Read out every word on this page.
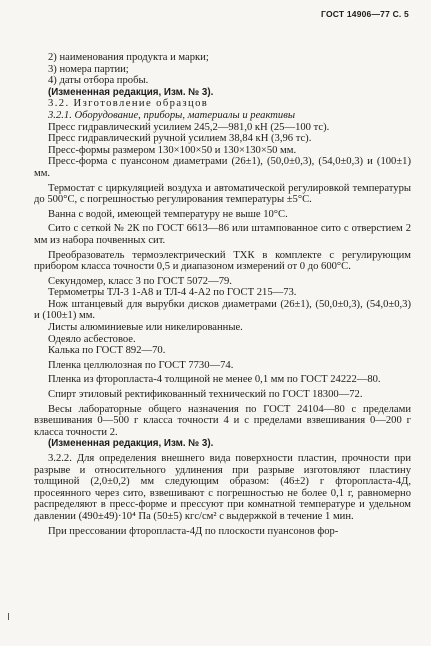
ГОСТ 14906—77 С. 5

2) наименования продукта и марки;

3) номера партии;

4) даты отбора пробы.

(Измененная редакция, Изм. № 3).

3.2. Изготовление образцов

3.2.1. Оборудование, приборы, материалы и реактивы

Пресс гидравлический усилием 245,2—981,0 кН (25—100 тс).

Пресс гидравлический ручной усилием 38,84 кН (3,96 тс).

Пресс-формы размером 130×100×50 и 130×130×50 мм.

Пресс-форма с пуансоном диаметрами (26±1), (50,0±0,3), (54,0±0,3) и (100±1) мм.

Термостат с циркуляцией воздуха и автоматической регулировкой температуры до 500°C, с погрешностью регулирования температуры ±5°C.

Ванна с водой, имеющей температуру не выше 10°C.

Сито с сеткой № 2К по ГОСТ 6613—86 или штампованное сито с отверстием 2 мм из набора почвенных сит.

Преобразователь термоэлектрический ТХК в комплекте с регулирующим прибором класса точности 0,5 и диапазоном измерений от 0 до 600°C.

Секундомер, класс 3 по ГОСТ 5072—79.

Термометры ТЛ-3 1-А8 и ТЛ-4 4-А2 по ГОСТ 215—73.

Нож штанцевый для вырубки дисков диаметрами (26±1), (50,0±0,3), (54,0±0,3) и (100±1) мм.

Листы алюминиевые или никелированные.

Одеяло асбестовое.

Калька по ГОСТ 892—70.

Пленка целлюлозная по ГОСТ 7730—74.

Пленка из фторопласта-4 толщиной не менее 0,1 мм по ГОСТ 24222—80.

Спирт этиловый ректификованный технический по ГОСТ 18300—72.

Весы лабораторные общего назначения по ГОСТ 24104—80 с пределами взвешивания 0—500 г класса точности 4 и с пределами взвешивания 0—200 г класса точности 2.

(Измененная редакция, Изм. № 3).

3.2.2. Для определения внешнего вида поверхности пластин, прочности при разрыве и относительного удлинения при разрыве изготовляют пластину толщиной (2,0±0,2) мм следующим образом: (46±2) г фторопласта-4Д, просеянного через сито, взвешивают с погрешностью не более 0,1 г, равномерно распределяют в пресс-форме и прессуют при комнатной температуре и удельном давлении (490±49)·10⁴ Па (50±5) кгс/см² с выдержкой в течение 1 мин.

При прессовании фторопласта-4Д по плоскости пуансонов фор-
